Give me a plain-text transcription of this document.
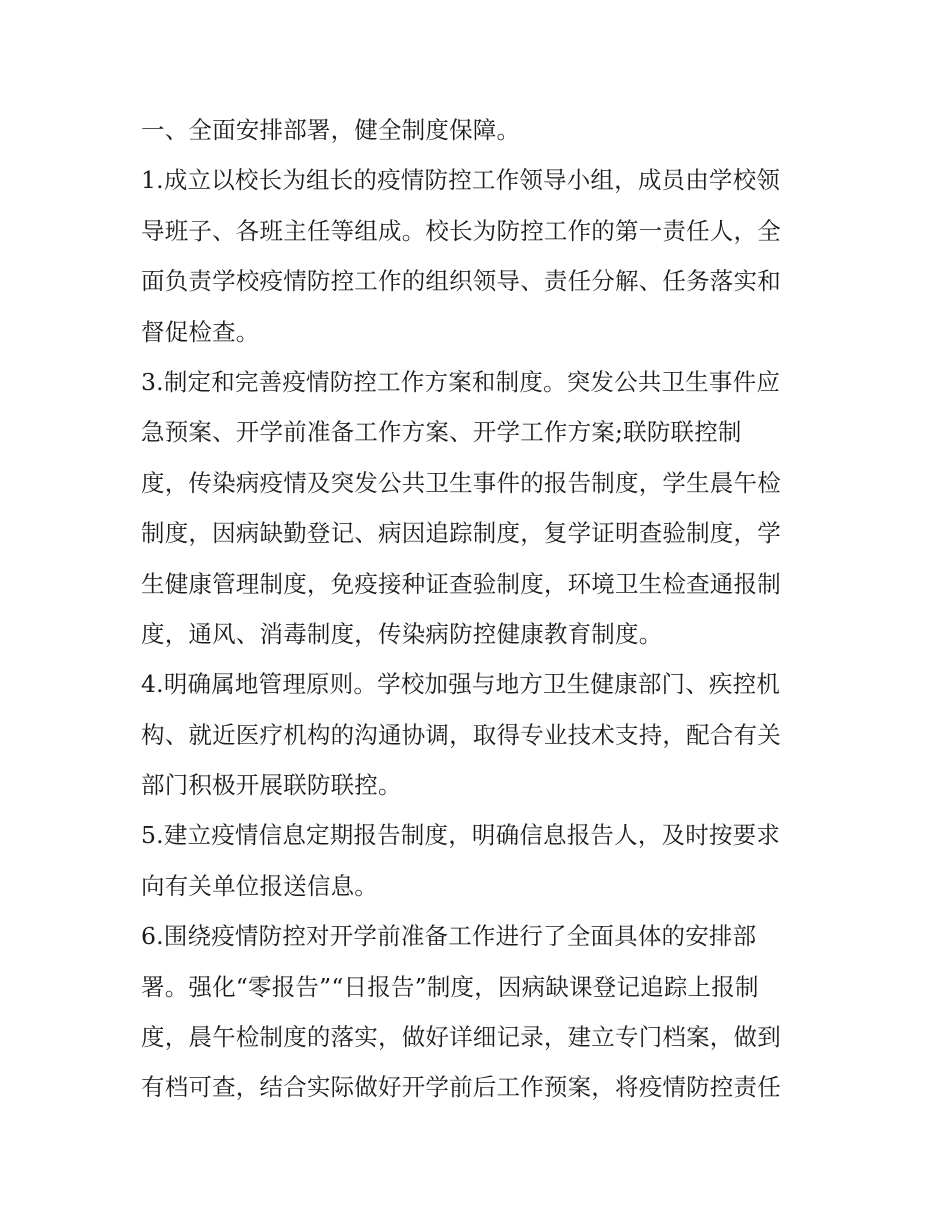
一、全面安排部署，健全制度保障。
1.成立以校长为组长的疫情防控工作领导小组，成员由学校领
导班子、各班主任等组成。校长为防控工作的第一责任人，全
面负责学校疫情防控工作的组织领导、责任分解、任务落实和
督促检查。
3.制定和完善疫情防控工作方案和制度。突发公共卫生事件应
急预案、开学前准备工作方案、开学工作方案;联防联控制
度，传染病疫情及突发公共卫生事件的报告制度，学生晨午检
制度，因病缺勤登记、病因追踪制度，复学证明查验制度，学
生健康管理制度，免疫接种证查验制度，环境卫生检查通报制
度，通风、消毒制度，传染病防控健康教育制度。
4.明确属地管理原则。学校加强与地方卫生健康部门、疾控机
构、就近医疗机构的沟通协调，取得专业技术支持，配合有关
部门积极开展联防联控。
5.建立疫情信息定期报告制度，明确信息报告人，及时按要求
向有关单位报送信息。
6.围绕疫情防控对开学前准备工作进行了全面具体的安排部
署。强化“零报告”“日报告”制度，因病缺课登记追踪上报制
度，晨午检制度的落实，做好详细记录，建立专门档案，做到
有档可查，结合实际做好开学前后工作预案，将疫情防控责任
